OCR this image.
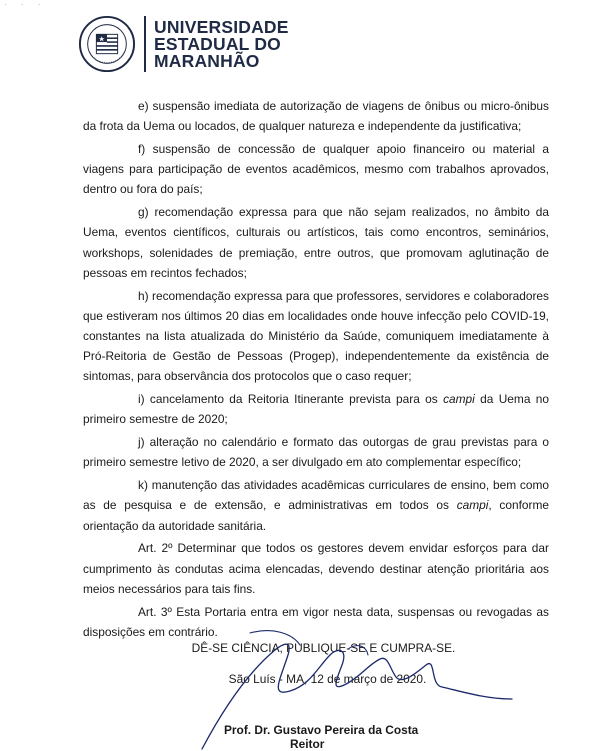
· · ·
UNIVERSIDADE
ESTADUAL DO
MARANHÃO

e) suspensão imediata de autorização de viagens de ônibus ou micro-ônibus da frota da Uema ou locados, de qualquer natureza e independente da justificativa;

f) suspensão de concessão de qualquer apoio financeiro ou material a viagens para participação de eventos acadêmicos, mesmo com trabalhos aprovados, dentro ou fora do país;

g) recomendação expressa para que não sejam realizados, no âmbito da Uema, eventos científicos, culturais ou artísticos, tais como encontros, seminários, workshops, solenidades de premiação, entre outros, que promovam aglutinação de pessoas em recintos fechados;

h) recomendação expressa para que professores, servidores e colaboradores que estiveram nos últimos 20 dias em localidades onde houve infecção pelo COVID-19, constantes na lista atualizada do Ministério da Saúde, comuniquem imediatamente à Pró-Reitoria de Gestão de Pessoas (Progep), independentemente da existência de sintomas, para observância dos protocolos que o caso requer;

i) cancelamento da Reitoria Itinerante prevista para os campi da Uema no primeiro semestre de 2020;

j) alteração no calendário e formato das outorgas de grau previstas para o primeiro semestre letivo de 2020, a ser divulgado em ato complementar específico;

k) manutenção das atividades acadêmicas curriculares de ensino, bem como as de pesquisa e de extensão, e administrativas em todos os campi, conforme orientação da autoridade sanitária.

Art. 2º Determinar que todos os gestores devem envidar esforços para dar cumprimento às condutas acima elencadas, devendo destinar atenção prioritária aos meios necessários para tais fins.

Art. 3º Esta Portaria entra em vigor nesta data, suspensas ou revogadas as disposições em contrário.

DÊ-SE CIÊNCIA, PUBLIQUE-SE E CUMPRA-SE.
São Luís - MA, 12 de março de 2020.
Prof. Dr. Gustavo Pereira da Costa
Reitor
